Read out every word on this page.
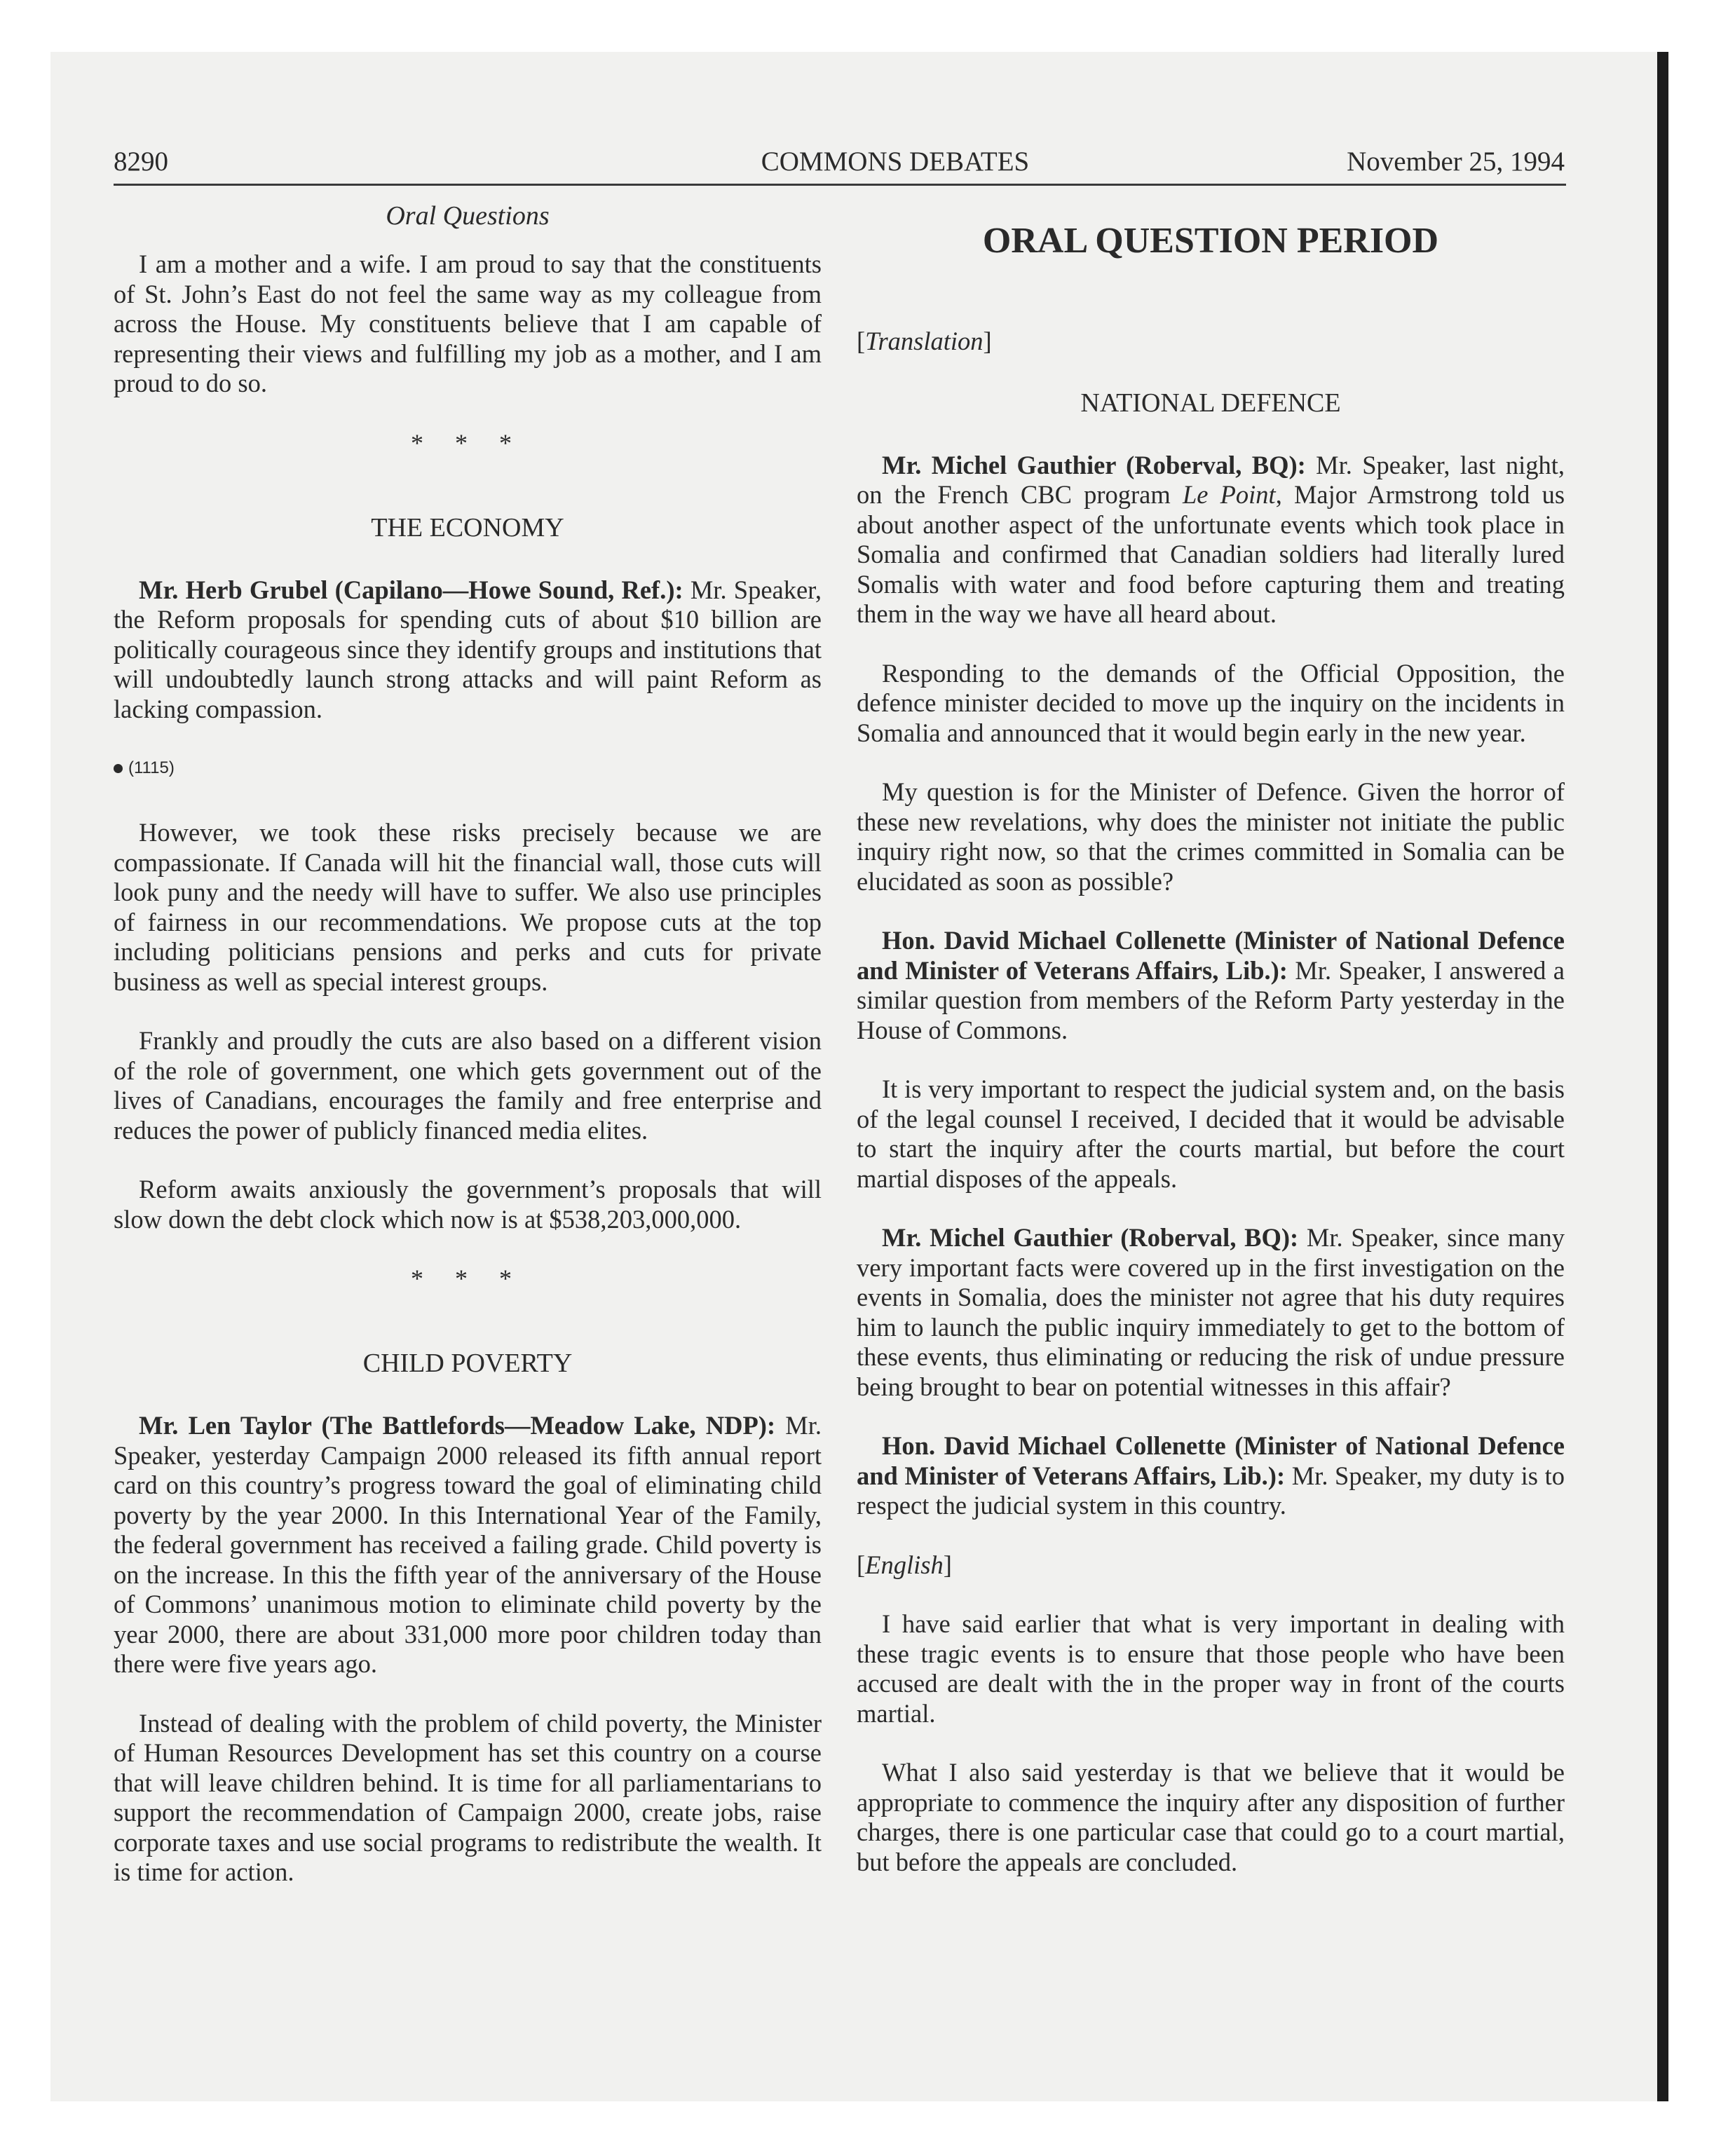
8290	COMMONS DEBATES	November 25, 1994
Oral Questions

I am a mother and a wife. I am proud to say that the constituents of St. John’s East do not feel the same way as my colleague from across the House. My constituents believe that I am capable of representing their views and fulfilling my job as a mother, and I am proud to do so.

* * *
THE ECONOMY

Mr. Herb Grubel (Capilano—Howe Sound, Ref.): Mr. Speaker, the Reform proposals for spending cuts of about $10 billion are politically courageous since they identify groups and institutions that will undoubtedly launch strong attacks and will paint Reform as lacking compassion.

(1115)

However, we took these risks precisely because we are compassionate. If Canada will hit the financial wall, those cuts will look puny and the needy will have to suffer. We also use principles of fairness in our recommendations. We propose cuts at the top including politicians pensions and perks and cuts for private business as well as special interest groups.

Frankly and proudly the cuts are also based on a different vision of the role of government, one which gets government out of the lives of Canadians, encourages the family and free enterprise and reduces the power of publicly financed media elites.

Reform awaits anxiously the government’s proposals that will slow down the debt clock which now is at $538,203,000,000.

* * *
CHILD POVERTY

Mr. Len Taylor (The Battlefords—Meadow Lake, NDP): Mr. Speaker, yesterday Campaign 2000 released its fifth annual report card on this country’s progress toward the goal of eliminating child poverty by the year 2000. In this International Year of the Family, the federal government has received a failing grade. Child poverty is on the increase. In this the fifth year of the anniversary of the House of Commons’ unanimous motion to eliminate child poverty by the year 2000, there are about 331,000 more poor children today than there were five years ago.

Instead of dealing with the problem of child poverty, the Minister of Human Resources Development has set this country on a course that will leave children behind. It is time for all parliamentarians to support the recommendation of Campaign 2000, create jobs, raise corporate taxes and use social programs to redistribute the wealth. It is time for action.

ORAL QUESTION PERIOD
[Translation]
NATIONAL DEFENCE

Mr. Michel Gauthier (Roberval, BQ): Mr. Speaker, last night, on the French CBC program Le Point, Major Armstrong told us about another aspect of the unfortunate events which took place in Somalia and confirmed that Canadian soldiers had literally lured Somalis with water and food before capturing them and treating them in the way we have all heard about.

Responding to the demands of the Official Opposition, the defence minister decided to move up the inquiry on the incidents in Somalia and announced that it would begin early in the new year.

My question is for the Minister of Defence. Given the horror of these new revelations, why does the minister not initiate the public inquiry right now, so that the crimes committed in Somalia can be elucidated as soon as possible?

Hon. David Michael Collenette (Minister of National Defence and Minister of Veterans Affairs, Lib.): Mr. Speaker, I answered a similar question from members of the Reform Party yesterday in the House of Commons.

It is very important to respect the judicial system and, on the basis of the legal counsel I received, I decided that it would be advisable to start the inquiry after the courts martial, but before the court martial disposes of the appeals.

Mr. Michel Gauthier (Roberval, BQ): Mr. Speaker, since many very important facts were covered up in the first investigation on the events in Somalia, does the minister not agree that his duty requires him to launch the public inquiry immediately to get to the bottom of these events, thus eliminating or reducing the risk of undue pressure being brought to bear on potential witnesses in this affair?

Hon. David Michael Collenette (Minister of National Defence and Minister of Veterans Affairs, Lib.): Mr. Speaker, my duty is to respect the judicial system in this country.

[English]

I have said earlier that what is very important in dealing with these tragic events is to ensure that those people who have been accused are dealt with the in the proper way in front of the courts martial.

What I also said yesterday is that we believe that it would be appropriate to commence the inquiry after any disposition of further charges, there is one particular case that could go to a court martial, but before the appeals are concluded.
